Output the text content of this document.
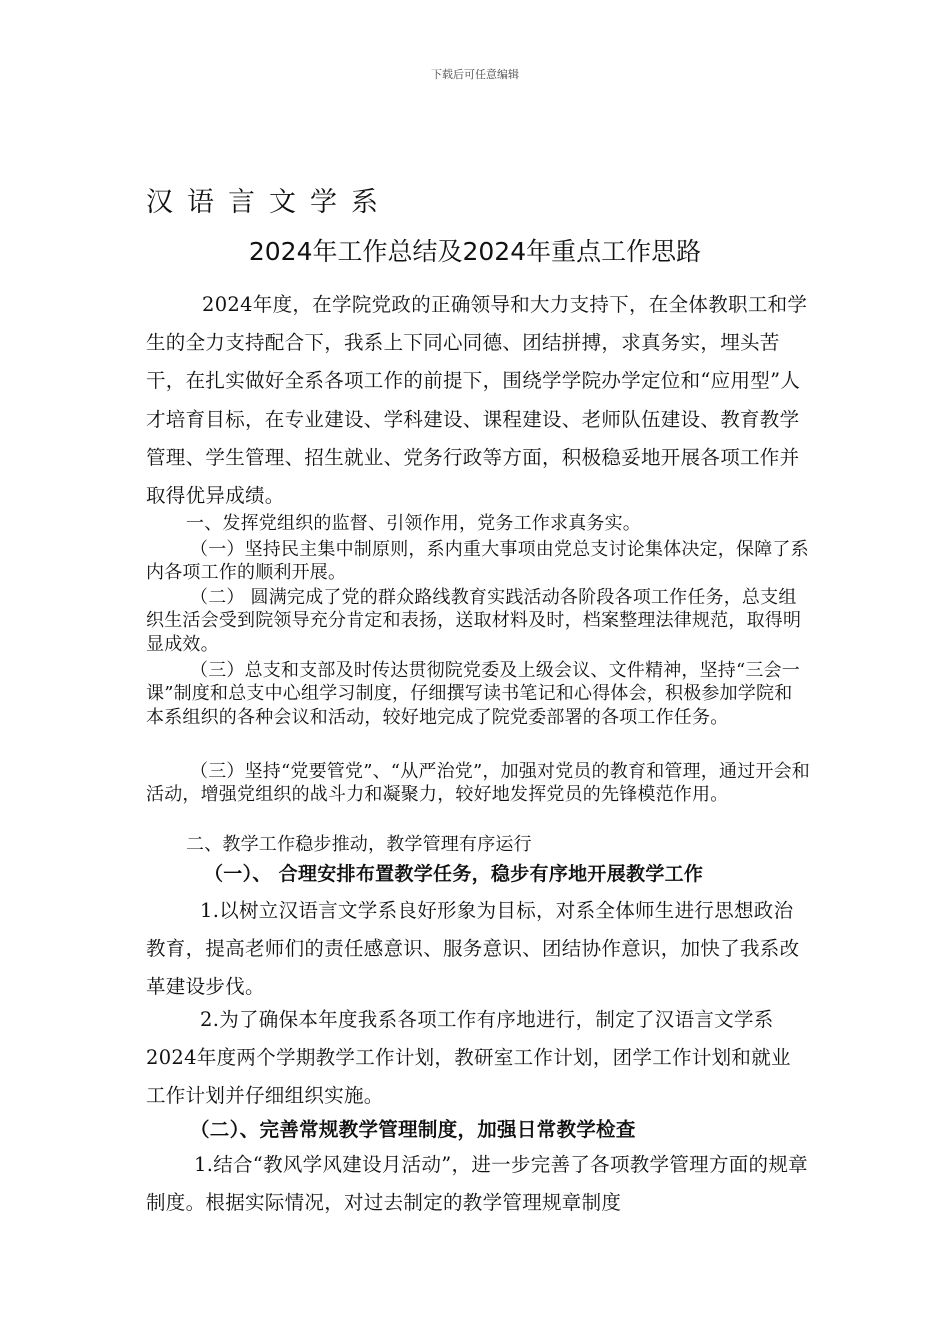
下载后可任意编辑
汉语言文学系
2024年工作总结及2024年重点工作思路
2024年度，在学院党政的正确领导和大力支持下，在全体教职工和学生的全力支持配合下，我系上下同心同德、团结拼搏，求真务实，埋头苦干，在扎实做好全系各项工作的前提下，围绕学学院办学定位和“应用型”人才培育目标，在专业建设、学科建设、课程建设、老师队伍建设、教育教学管理、学生管理、招生就业、党务行政等方面，积极稳妥地开展各项工作并取得优异成绩。
一、发挥党组织的监督、引领作用，党务工作求真务实。
（一）坚持民主集中制原则，系内重大事项由党总支讨论集体决定，保障了系内各项工作的顺利开展。
（二） 圆满完成了党的群众路线教育实践活动各阶段各项工作任务，总支组织生活会受到院领导充分肯定和表扬，送取材料及时，档案整理法律规范，取得明显成效。
（三）总支和支部及时传达贯彻院党委及上级会议、文件精神，坚持“三会一课”制度和总支中心组学习制度，仔细撰写读书笔记和心得体会，积极参加学院和本系组织的各种会议和活动，较好地完成了院党委部署的各项工作任务。
（三）坚持“党要管党”、“从严治党”，加强对党员的教育和管理，通过开会和活动，增强党组织的战斗力和凝聚力，较好地发挥党员的先锋模范作用。
二、教学工作稳步推动，教学管理有序运行
（一）、 合理安排布置教学任务，稳步有序地开展教学工作
1.以树立汉语言文学系良好形象为目标，对系全体师生进行思想政治教育，提高老师们的责任感意识、服务意识、团结协作意识，加快了我系改革建设步伐。
2.为了确保本年度我系各项工作有序地进行，制定了汉语言文学系2024年度两个学期教学工作计划，教研室工作计划，团学工作计划和就业工作计划并仔细组织实施。
（二）、完善常规教学管理制度，加强日常教学检查
1.结合“教风学风建设月活动”，进一步完善了各项教学管理方面的规章制度。根据实际情况，对过去制定的教学管理规章制度
